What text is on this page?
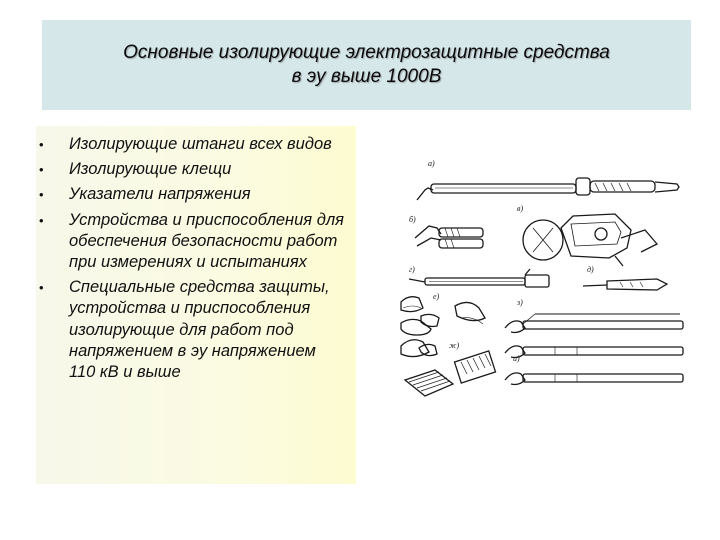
Основные изолирующие электрозащитные средства
в эу выше 1000В
• Изолирующие штанги всех видов
• Изолирующие клещи
• Указатели напряжения
• Устройства и приспособления для обеспечения безопасности работ при измерениях и испытаниях
• Специальные средства защиты, устройства и приспособления изолирующие для работ под напряжением в эу напряжением 110 кВ и выше
а)
б)
в)
г)	д)
е)
ж)
з)
и)
